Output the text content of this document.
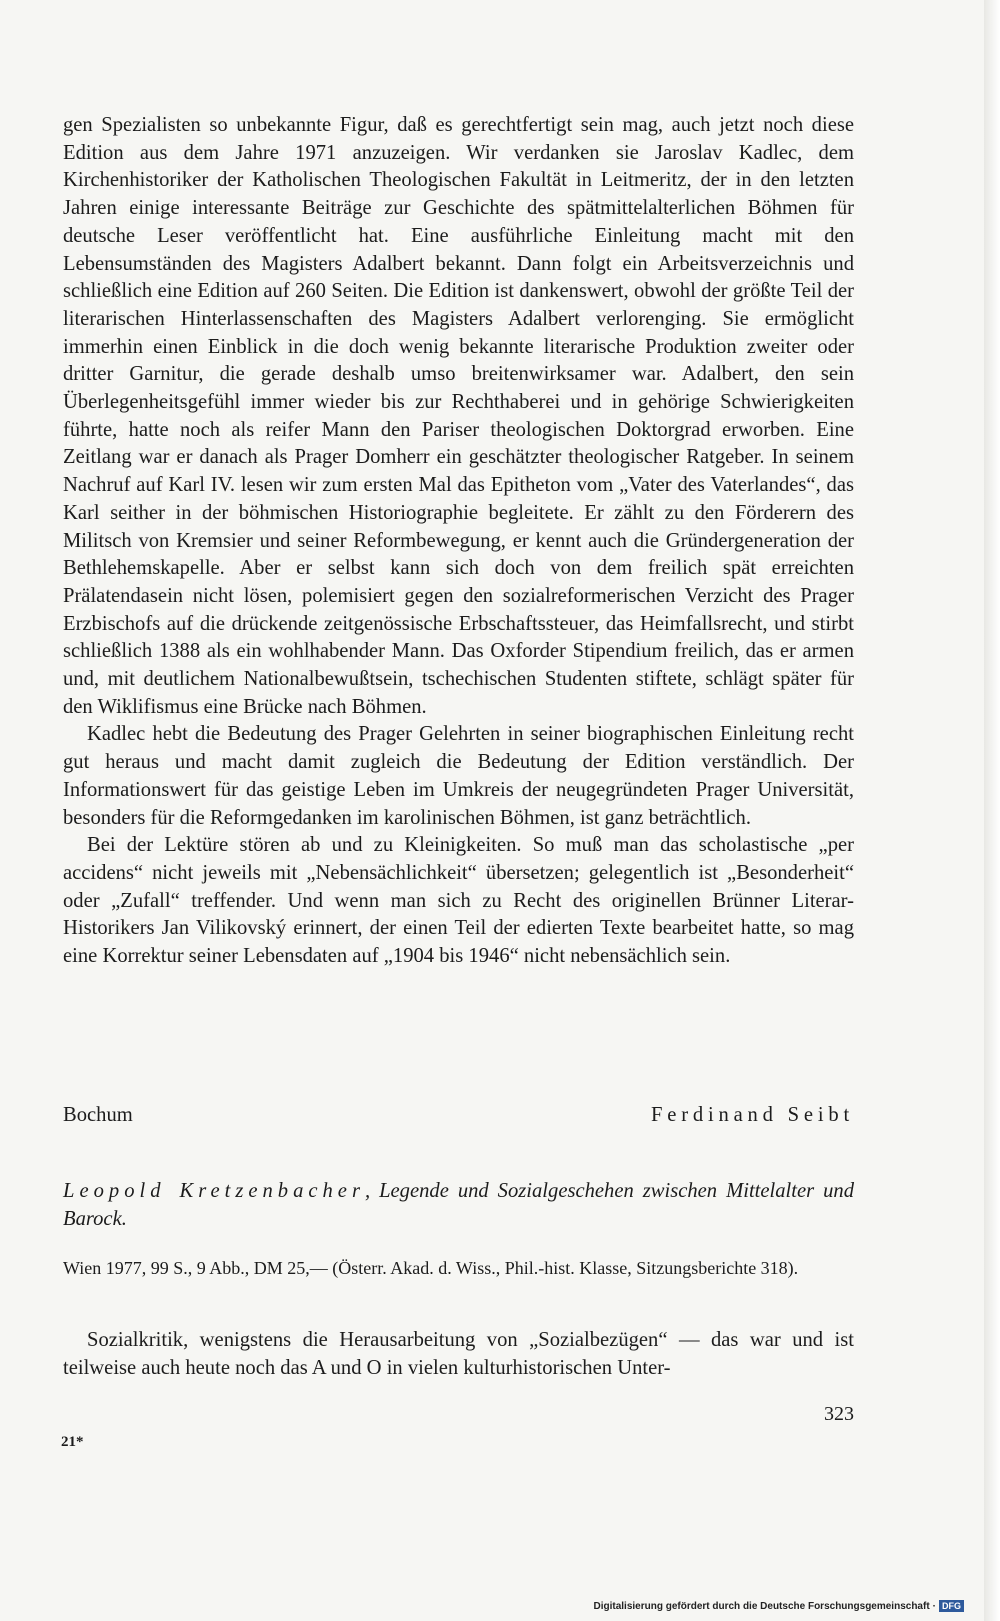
gen Spezialisten so unbekannte Figur, daß es gerechtfertigt sein mag, auch jetzt noch diese Edition aus dem Jahre 1971 anzuzeigen. Wir verdanken sie Jaroslav Kadlec, dem Kirchenhistoriker der Katholischen Theologischen Fakultät in Leitmeritz, der in den letzten Jahren einige interessante Beiträge zur Geschichte des spätmittelalterlichen Böhmen für deutsche Leser veröffentlicht hat. Eine ausführliche Einleitung macht mit den Lebensumständen des Magisters Adalbert bekannt. Dann folgt ein Arbeitsverzeichnis und schließlich eine Edition auf 260 Seiten. Die Edition ist dankenswert, obwohl der größte Teil der literarischen Hinterlassenschaften des Magisters Adalbert verlorenging. Sie ermöglicht immerhin einen Einblick in die doch wenig bekannte literarische Produktion zweiter oder dritter Garnitur, die gerade deshalb umso breitenwirksamer war. Adalbert, den sein Überlegenheitsgefühl immer wieder bis zur Rechthaberei und in gehörige Schwierigkeiten führte, hatte noch als reifer Mann den Pariser theologischen Doktorgrad erworben. Eine Zeitlang war er danach als Prager Domherr ein geschätzter theologischer Ratgeber. In seinem Nachruf auf Karl IV. lesen wir zum ersten Mal das Epitheton vom „Vater des Vaterlandes“, das Karl seither in der böhmischen Historiographie begleitete. Er zählt zu den Förderern des Militsch von Kremsier und seiner Reformbewegung, er kennt auch die Gründergeneration der Bethlehemskapelle. Aber er selbst kann sich doch von dem freilich spät erreichten Prälatendasein nicht lösen, polemisiert gegen den sozialreformerischen Verzicht des Prager Erzbischofs auf die drückende zeitgenössische Erbschaftssteuer, das Heimfallsrecht, und stirbt schließlich 1388 als ein wohlhabender Mann. Das Oxforder Stipendium freilich, das er armen und, mit deutlichem Nationalbewußtsein, tschechischen Studenten stiftete, schlägt später für den Wiklifismus eine Brücke nach Böhmen.

Kadlec hebt die Bedeutung des Prager Gelehrten in seiner biographischen Einleitung recht gut heraus und macht damit zugleich die Bedeutung der Edition verständlich. Der Informationswert für das geistige Leben im Umkreis der neugegründeten Prager Universität, besonders für die Reformgedanken im karolinischen Böhmen, ist ganz beträchtlich.

Bei der Lektüre stören ab und zu Kleinigkeiten. So muß man das scholastische „per accidens“ nicht jeweils mit „Nebensächlichkeit“ übersetzen; gelegentlich ist „Besonderheit“ oder „Zufall“ treffender. Und wenn man sich zu Recht des originellen Brünner Literar-Historikers Jan Vilikovský erinnert, der einen Teil der edierten Texte bearbeitet hatte, so mag eine Korrektur seiner Lebensdaten auf „1904 bis 1946“ nicht nebensächlich sein.

Bochum	Ferdinand Seibt
Leopold Kretzenbacher, Legende und Sozialgeschehen zwischen Mittelalter und Barock.
Wien 1977, 99 S., 9 Abb., DM 25,— (Österr. Akad. d. Wiss., Phil.-hist. Klasse, Sitzungsberichte 318).

Sozialkritik, wenigstens die Herausarbeitung von „Sozialbezügen“ — das war und ist teilweise auch heute noch das A und O in vielen kulturhistorischen Unter-

323
21*
Digitalisierung gefördert durch die Deutsche Forschungsgemeinschaft · DFG
